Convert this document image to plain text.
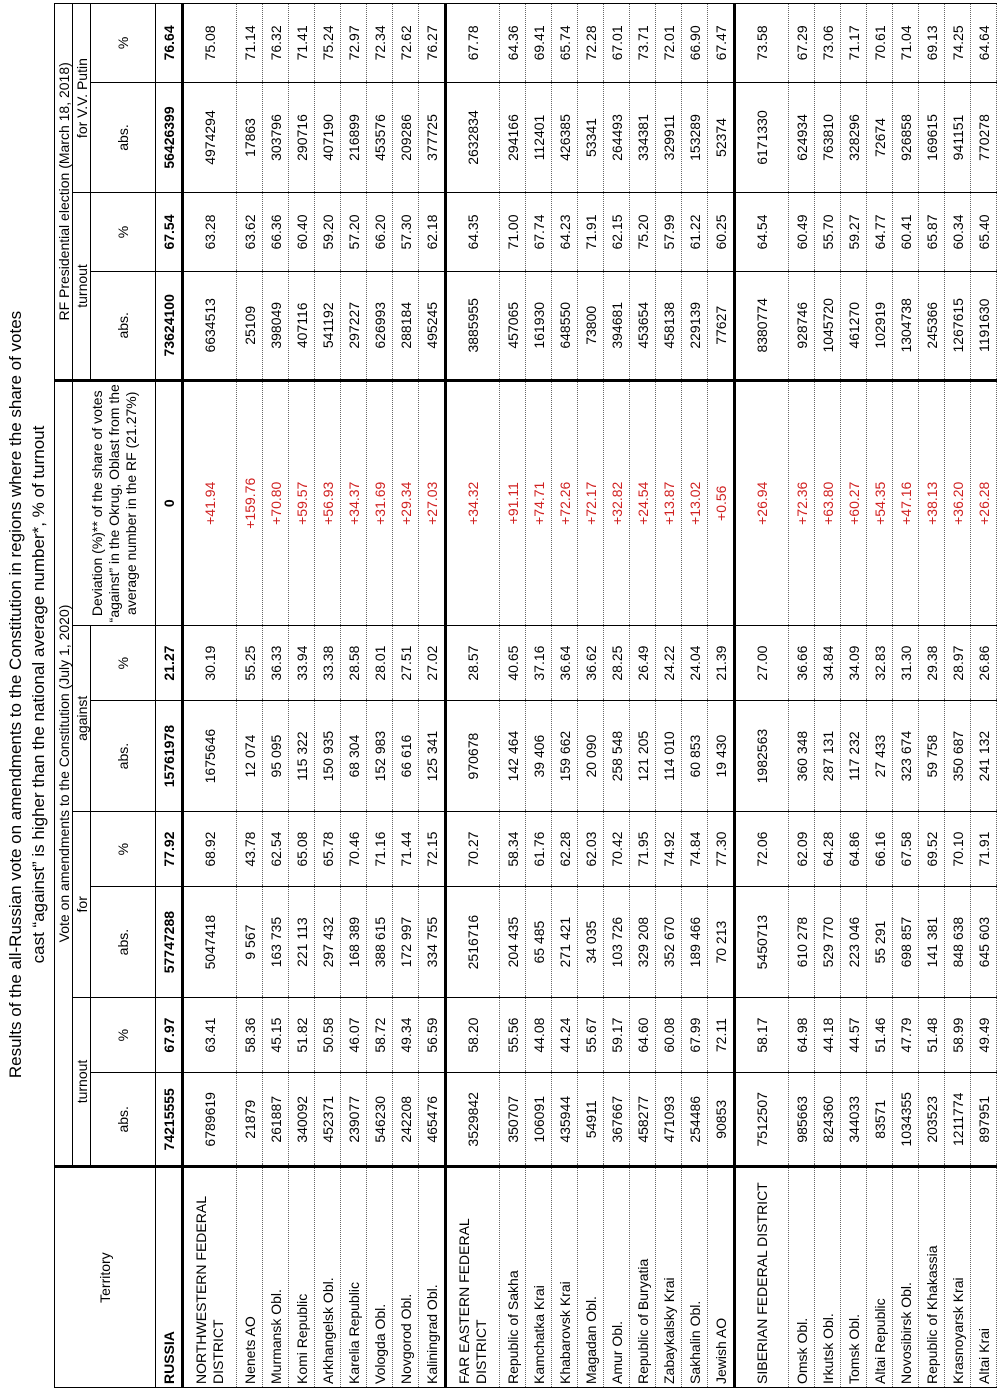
Results of the all-Russian vote on amendments to the Constitution in regions where the share of votes cast “against” is higher than the national average number*, % of turnout
Territory	Vote on amendments to the Constitution (July 1, 2020)							RF Presidential election (March 18, 2018)			
	turnout		for		against		Deviation (%)** of the share of votes “against” in the Okrug, Oblast from the average number in the RF (21.27%)	turnout		for V.V. Putin	
	abs.	%	abs.	%	abs.	%		abs.	%	abs.	%
RUSSIA	74215555	67.97	57747288	77.92	15761978	21.27	0	73624100	67.54	56426399	76.64
NORTHWESTERN FEDERAL DISTRICT	6789619	63.41	5047418	68.92	1675646	30.19	+41.94	6634513	63.28	4974294	75.08
Nenets AO	21879	58.36	9 567	43.78	12 074	55.25	+159.76	25109	63.62	17863	71.14
Murmansk Obl.	261887	45.15	163 735	62.54	95 095	36.33	+70.80	398049	66.36	303796	76.32
Komi Republic	340092	51.82	221 113	65.08	115 322	33.94	+59.57	407116	60.40	290716	71.41
Arkhangelsk Obl.	452371	50.58	297 432	65.78	150 935	33.38	+56.93	541192	59.20	407190	75.24
Karelia Republic	239077	46.07	168 389	70.46	68 304	28.58	+34.37	297227	57.20	216899	72.97
Vologda Obl.	546230	58.72	388 615	71.16	152 983	28.01	+31.69	626993	66.20	453576	72.34
Novgorod Obl.	242208	49.34	172 997	71.44	66 616	27.51	+29.34	288184	57.30	209286	72.62
Kaliningrad Obl.	465476	56.59	334 755	72.15	125 341	27.02	+27.03	495245	62.18	377725	76.27
FAR EASTERN FEDERAL DISTRICT	3529842	58.20	2516716	70.27	970678	28.57	+34.32	3885955	64.35	2632834	67.78
Republic of Sakha	350707	55.56	204 435	58.34	142 464	40.65	+91.11	457065	71.00	294166	64.36
Kamchatka Krai	106091	44.08	65 485	61.76	39 406	37.16	+74.71	161930	67.74	112401	69.41
Khabarovsk Krai	435944	44.24	271 421	62.28	159 662	36.64	+72.26	648550	64.23	426385	65.74
Magadan Obl.	54911	55.67	34 035	62.03	20 090	36.62	+72.17	73800	71.91	53341	72.28
Amur Obl.	367667	59.17	103 726	70.42	258 548	28.25	+32.82	394681	62.15	264493	67.01
Republic of Buryatia	458277	64.60	329 208	71.95	121 205	26.49	+24.54	453654	75.20	334381	73.71
Zabaykalsky Krai	471093	60.08	352 670	74.92	114 010	24.22	+13.87	458138	57.99	329911	72.01
Sakhalin Obl.	254486	67.99	189 466	74.84	60 853	24.04	+13.02	229139	61.22	153289	66.90
Jewish AO	90853	72.11	70 213	77.30	19 430	21.39	+0.56	77627	60.25	52374	67.47
SIBERIAN FEDERAL DISTRICT	7512507	58.17	5450713	72.06	1982563	27.00	+26.94	8380774	64.54	6171330	73.58
Omsk Obl.	985663	64.98	610 278	62.09	360 348	36.66	+72.36	928746	60.49	624934	67.29
Irkutsk Obl.	824360	44.18	529 770	64.28	287 131	34.84	+63.80	1045720	55.70	763810	73.06
Tomsk Obl.	344033	44.57	223 046	64.86	117 232	34.09	+60.27	461270	59.27	328296	71.17
Altai Republic	83571	51.46	55 291	66.16	27 433	32.83	+54.35	102919	64.77	72674	70.61
Novosibirsk Obl.	1034355	47.79	698 857	67.58	323 674	31.30	+47.16	1304738	60.41	926858	71.04
Republic of Khakassia	203523	51.48	141 381	69.52	59 758	29.38	+38.13	245366	65.87	169615	69.13
Krasnoyarsk Krai	1211774	58.99	848 638	70.10	350 687	28.97	+36.20	1267615	60.34	941151	74.25
Altai Krai	897951	49.49	645 603	71.91	241 132	26.86	+26.28	1191630	65.40	770278	64.64
